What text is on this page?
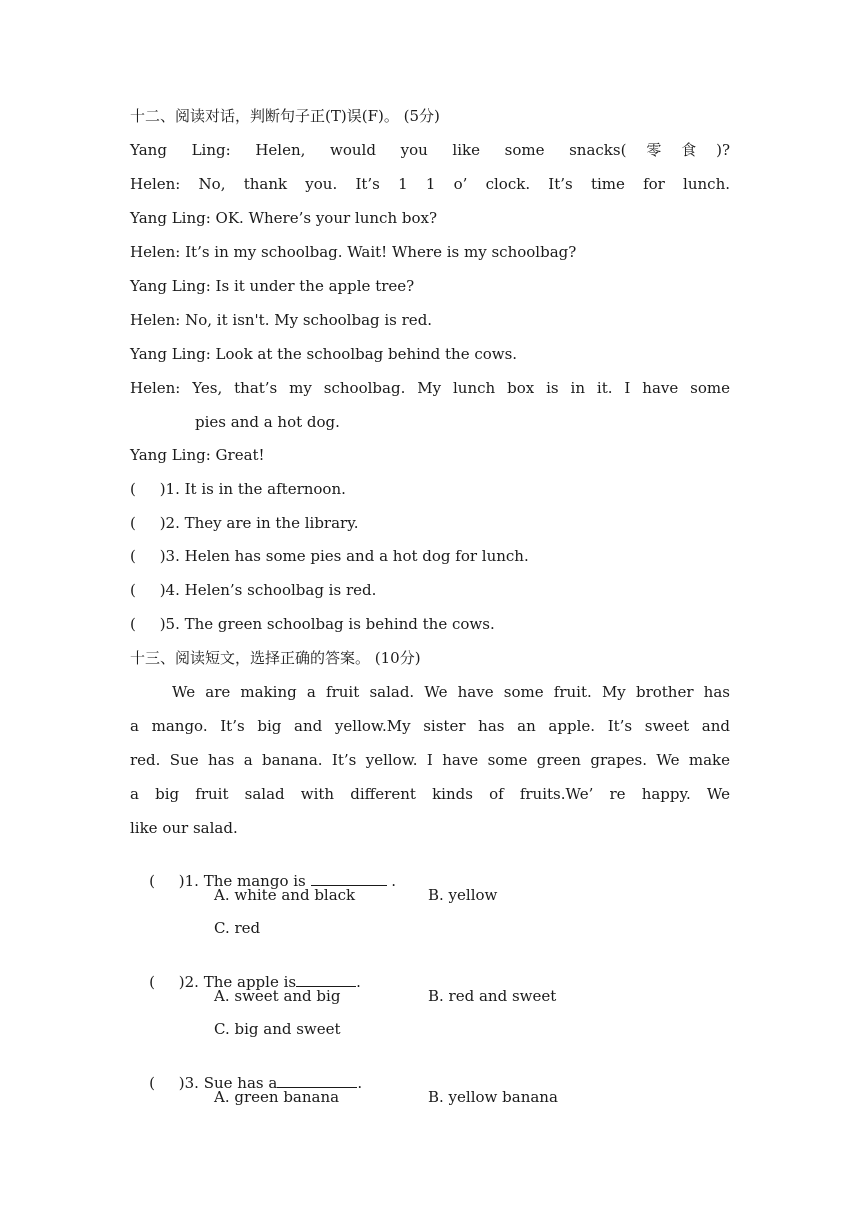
十二、阅读对话，判断句子正(T)误(F)。 (5分)
Yang Ling: Helen, would you like some snacks(零食)?
Helen: No, thank you. It’s 1 1 o’ clock. It’s time for lunch.
Yang Ling: OK. Where’s your lunch box?
Helen: It’s in my schoolbag. Wait! Where is my schoolbag?
Yang Ling: Is it under the apple tree?
Helen: No, it isn't. My schoolbag is red.
Yang Ling: Look at the schoolbag behind the cows.
Helen: Yes, that’s my schoolbag. My lunch box is in it. I have some
pies and a hot dog.
Yang Ling: Great!
(     )1. It is in the afternoon.
(     )2. They are in the library.
(     )3. Helen has some pies and a hot dog for lunch.
(     )4. Helen’s schoolbag is red.
(     )5. The green schoolbag is behind the cows.
十三、阅读短文，选择正确的答案。 (10分)
We are making a fruit salad. We have some fruit. My brother has
a mango. It’s big and yellow.My sister has an apple. It’s sweet and
red. Sue has a banana. It’s yellow. I have some green grapes. We make
a big fruit salad with different kinds of fruits.We’ re happy. We
like our salad.

(     )1. The mango is	.

A. white and black	B. yellow
C. red

(     )2. The apple is	.

A. sweet and big	B. red and sweet
C. big and sweet

(     )3. Sue has a	.

A. green banana	B. yellow banana
